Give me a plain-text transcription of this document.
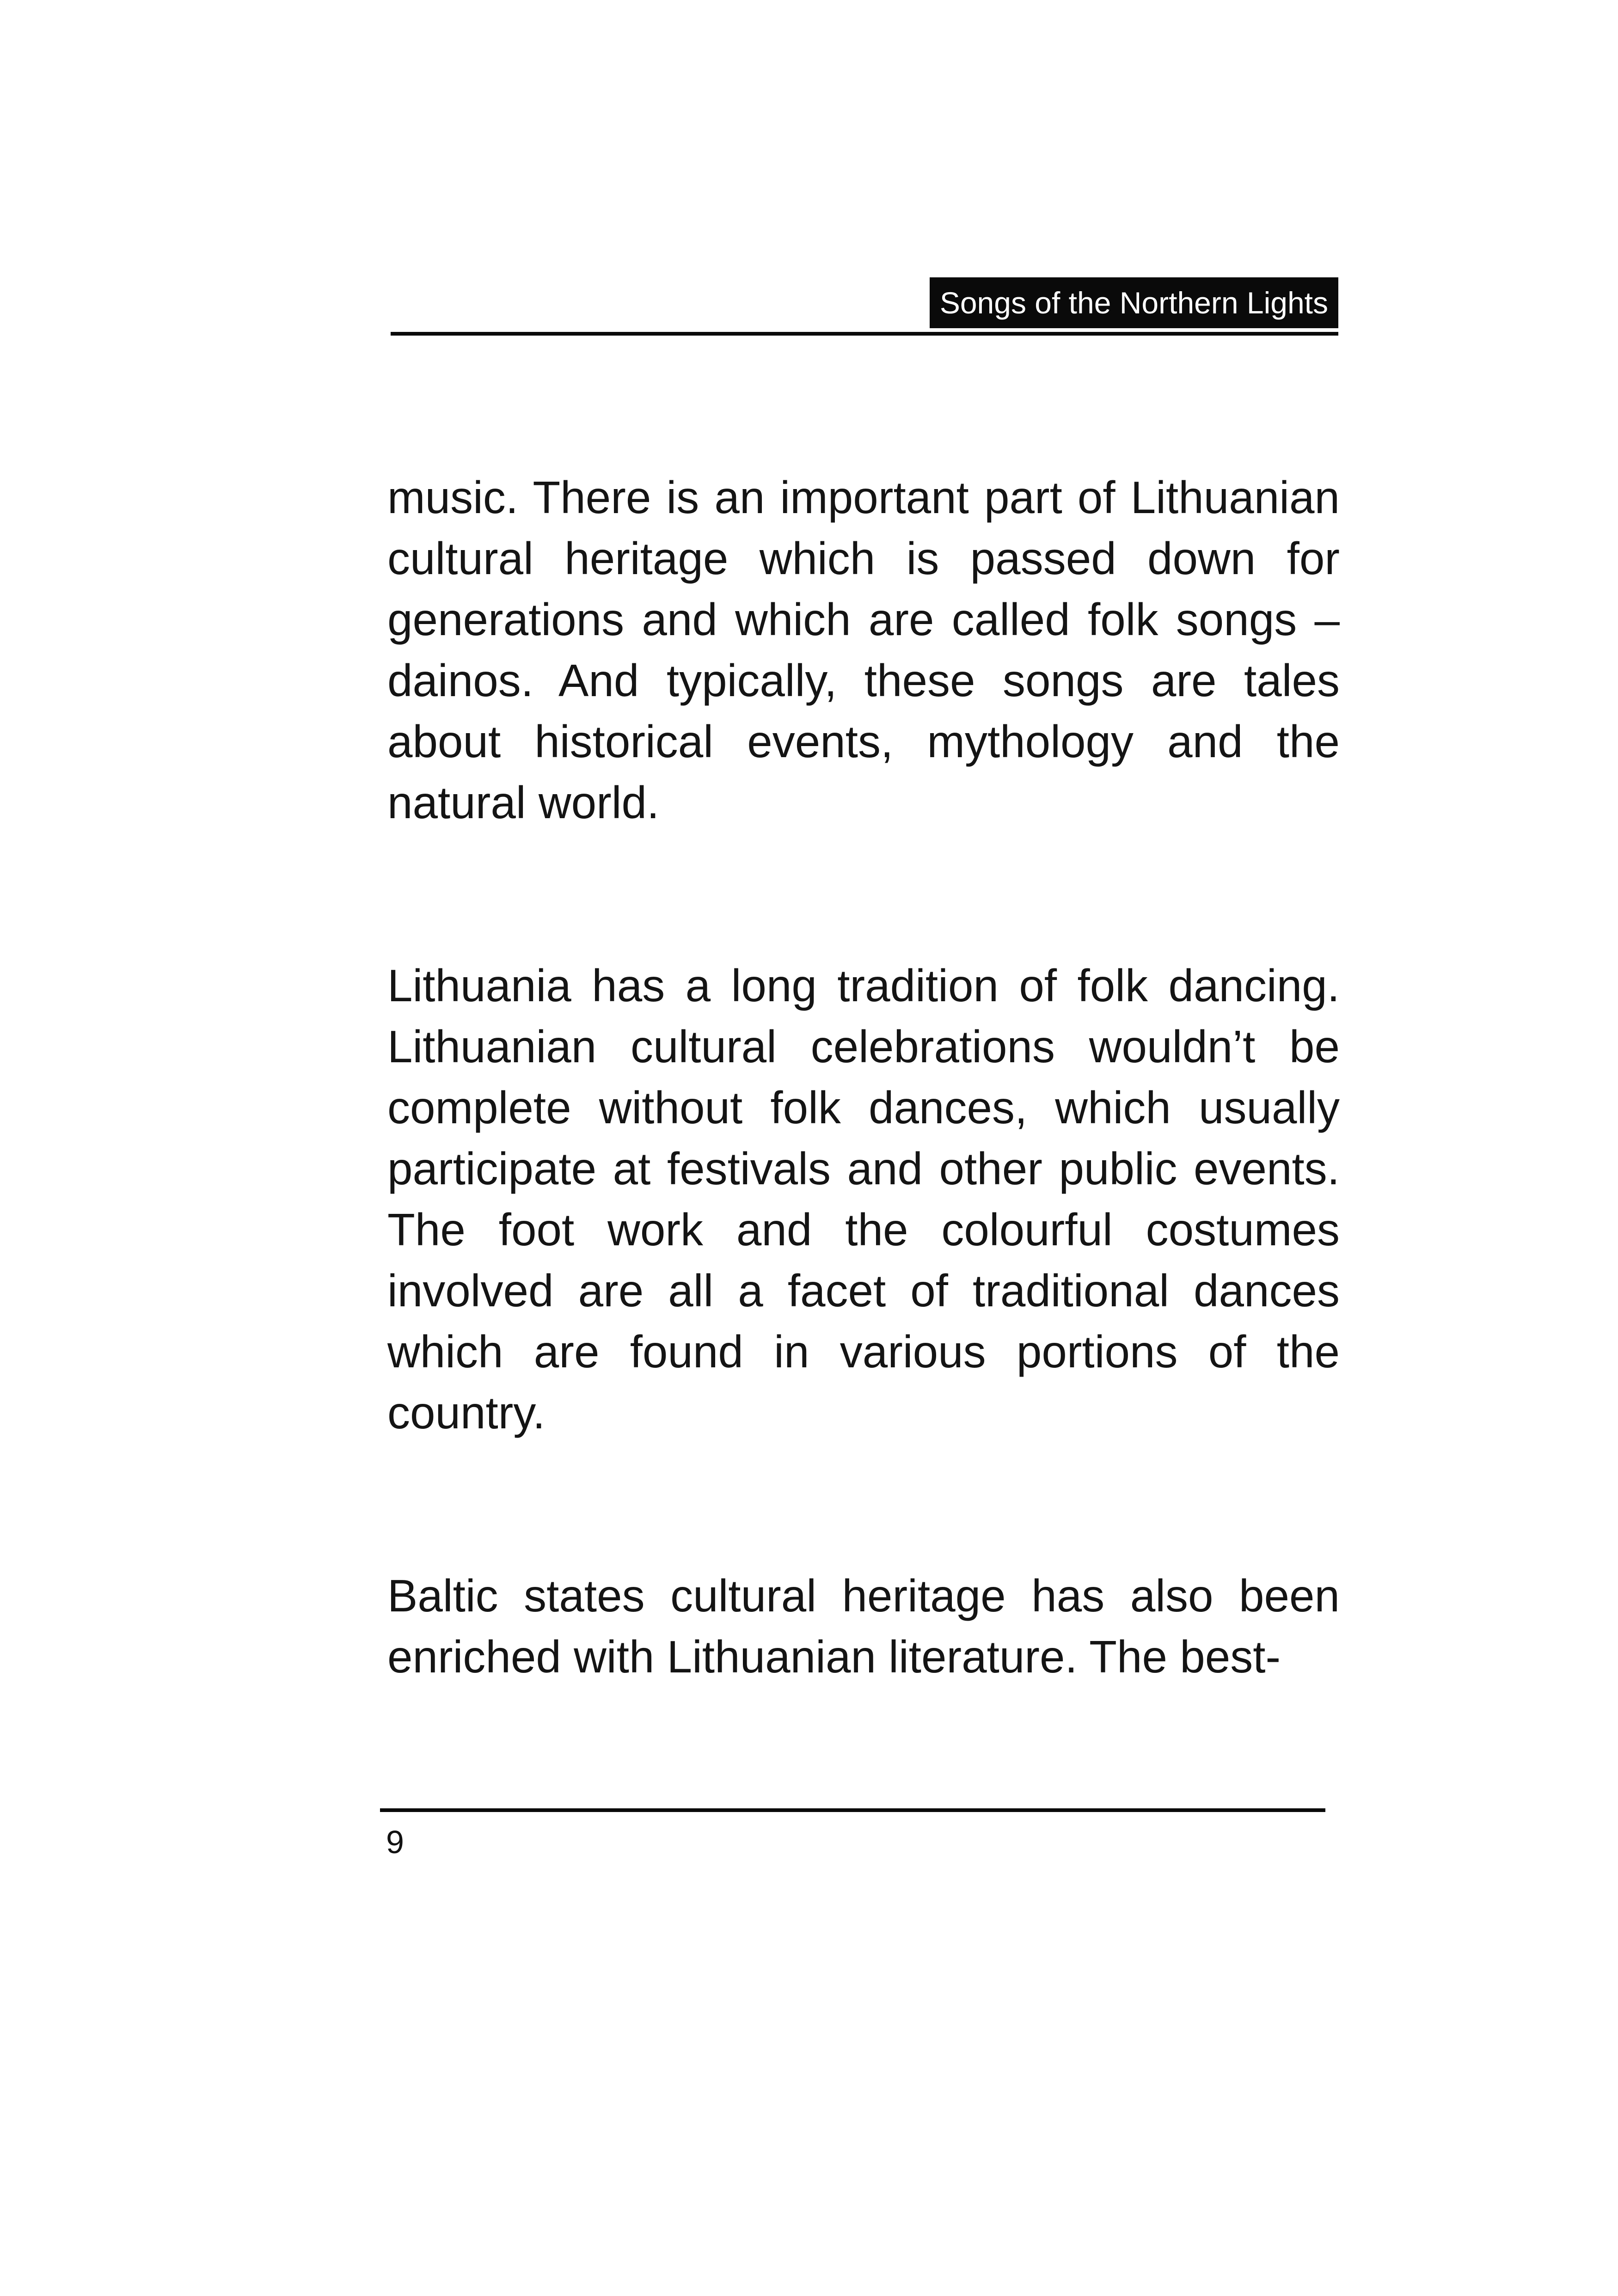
Songs of the Northern Lights

music. There is an important part of Lithuanian cultural heritage which is passed down for generations and which are called folk songs – dainos. And typically, these songs are tales about historical events, mythology and the natural world.

Lithuania has a long tradition of folk dancing. Lithuanian cultural celebrations wouldn’t be complete without folk dances, which usually participate at festivals and other public events. The foot work and the colourful costumes involved are all a facet of traditional dances which are found in various portions of the country.

Baltic states cultural heritage has also been enriched with Lithuanian literature. The best-

9
